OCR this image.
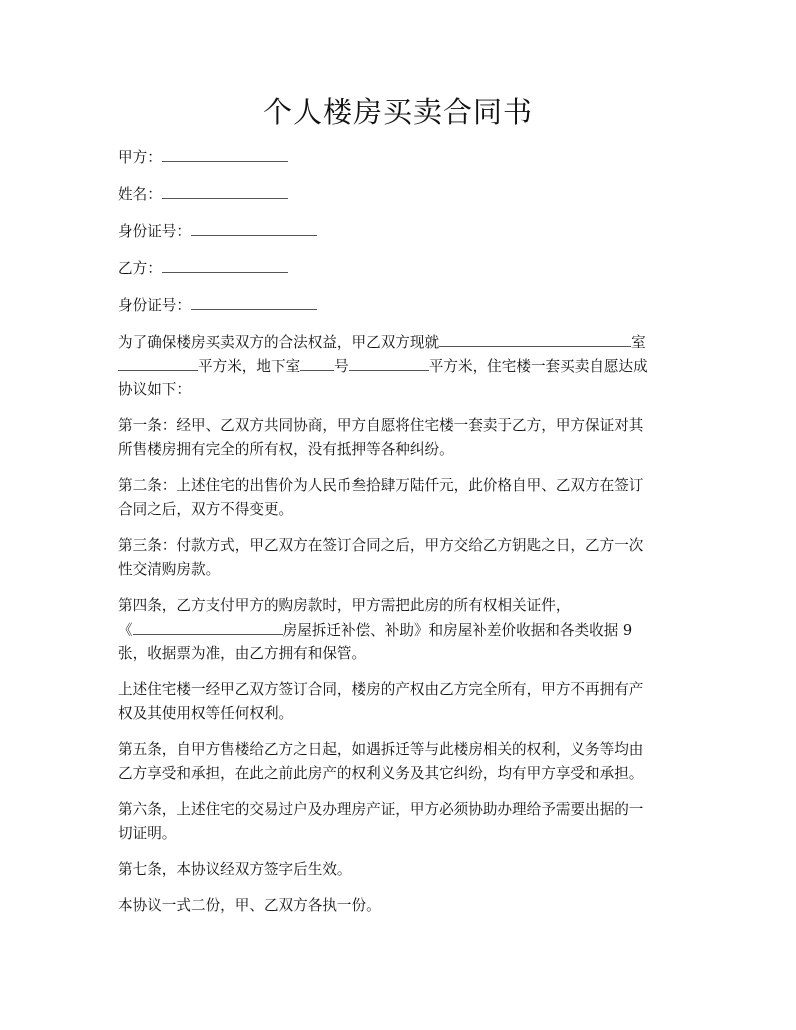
个人楼房买卖合同书
甲方：
姓名：
身份证号：
乙方：
身份证号：
为了确保楼房买卖双方的合法权益，甲乙双方现就	室
平方米，地下室 号	平方米，住宅楼一套买卖自愿达成
协议如下：
第一条：经甲、乙双方共同协商，甲方自愿将住宅楼一套卖于乙方，甲方保证对其
所售楼房拥有完全的所有权，没有抵押等各种纠纷。
第二条：上述住宅的出售价为人民币叁拾肆万陆仟元，此价格自甲、乙双方在签订
合同之后，双方不得变更。
第三条：付款方式，甲乙双方在签订合同之后，甲方交给乙方钥匙之日，乙方一次
性交清购房款。
第四条，乙方支付甲方的购房款时，甲方需把此房的所有权相关证件，
《	房屋拆迁补偿、补助》和房屋补差价收据和各类收据 9
张，收据票为准，由乙方拥有和保管。
上述住宅楼一经甲乙双方签订合同，楼房的产权由乙方完全所有，甲方不再拥有产
权及其使用权等任何权利。
第五条，自甲方售楼给乙方之日起，如遇拆迁等与此楼房相关的权利，义务等均由
乙方享受和承担，在此之前此房产的权利义务及其它纠纷，均有甲方享受和承担。
第六条，上述住宅的交易过户及办理房产证，甲方必须协助办理给予需要出据的一
切证明。
第七条，本协议经双方签字后生效。
本协议一式二份，甲、乙双方各执一份。
